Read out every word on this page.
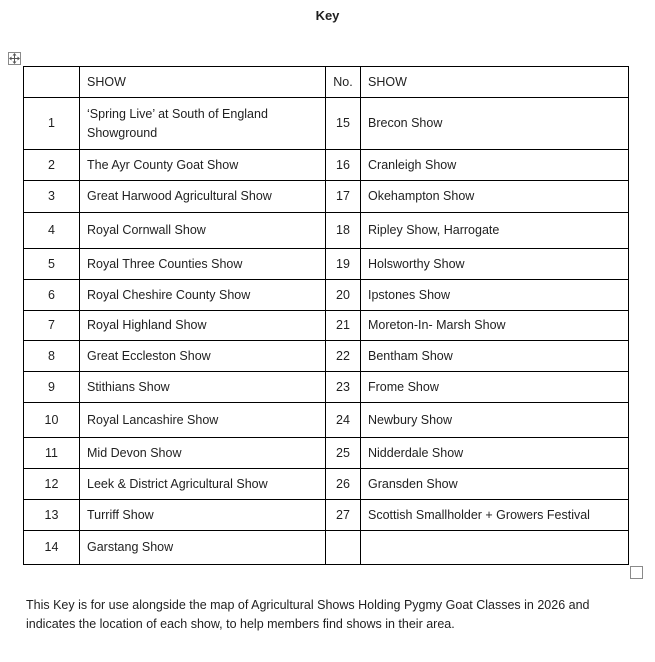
Key
	SHOW	No.	SHOW
1	‘Spring Live’ at South of England Showground	15	Brecon Show
2	The Ayr County Goat Show	16	Cranleigh Show
3	Great Harwood Agricultural Show	17	Okehampton Show
4	Royal Cornwall Show	18	Ripley Show, Harrogate
5	Royal Three Counties Show	19	Holsworthy Show
6	Royal Cheshire County Show	20	Ipstones Show
7	Royal Highland Show	21	Moreton-In- Marsh Show
8	Great Eccleston Show	22	Bentham Show
9	Stithians Show	23	Frome Show
10	Royal Lancashire Show	24	Newbury Show
11	Mid Devon Show	25	Nidderdale Show
12	Leek & District Agricultural Show	26	Gransden Show
13	Turriff Show	27	Scottish Smallholder + Growers Festival
14	Garstang Show		
This Key is for use alongside the map of Agricultural Shows Holding Pygmy Goat Classes in 2026 and indicates the location of each show, to help members find shows in their area.
